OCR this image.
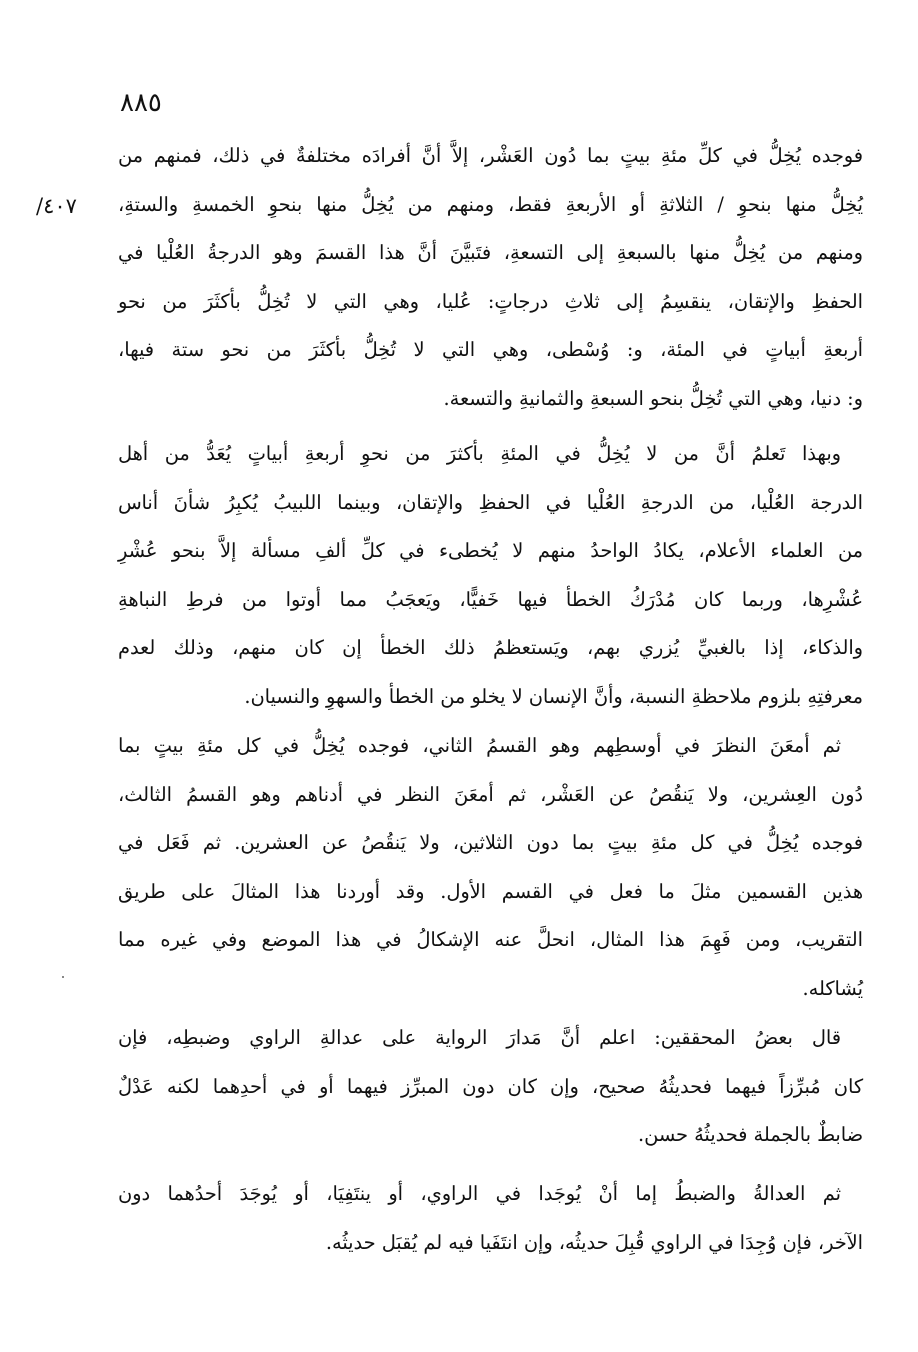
٨٨٥
٤٠٧/
فوجده يُخِلُّ في كلِّ مئةِ بيتٍ بما دُون العَشْر، إلاَّ أنَّ أفرادَه مختلفةٌ في ذلك، فمنهم من
يُخِلُّ منها بنحوِ / الثلاثةِ أو الأربعةِ فقط، ومنهم من يُخِلُّ منها بنحوِ الخمسةِ والستةِ،
ومنهم من يُخِلُّ منها بالسبعةِ إلى التسعةِ، فتَبيَّنَ أنَّ هذا القسمَ وهو الدرجةُ العُلْيا في
الحفظِ والإتقان، ينقسِمُ إلى ثلاثِ درجاتٍ: عُليا، وهي التي لا تُخِلُّ بأكثَرَ من نحو
أربعةِ أبياتٍ في المئة، و: وُسْطى، وهي التي لا تُخِلُّ بأكثَرَ من نحو ستة فيها،
و: دنيا، وهي التي تُخِلُّ بنحو السبعةِ والثمانيةِ والتسعة.
وبهذا تَعلمُ أنَّ من لا يُخِلُّ في المئةِ بأكثرَ من نحوِ أربعةِ أبياتٍ يُعَدُّ من أهل
الدرجة العُلْيا، من الدرجةِ العُلْيا في الحفظِ والإتقان، وبينما اللبيبُ يُكبِرُ شأنَ أناس
من العلماء الأعلام، يكادُ الواحدُ منهم لا يُخطىء في كلِّ ألفِ مسألة إلاَّ بنحو عُشْرِ
عُشْرِها، وربما كان مُدْرَكُ الخطأ فيها خَفيًّا، ويَعجَبُ مما أوتوا من فرطِ النباهةِ
والذكاء، إذا بالغبيِّ يُزري بهم، ويَستعظمُ ذلك الخطأ إن كان منهم، وذلك لعدم
معرفتِهِ بلزوم ملاحظةِ النسبة، وأنَّ الإنسان لا يخلو من الخطأ والسهوِ والنسيان.
ثم أمعَنَ النظرَ في أوسطِهم وهو القسمُ الثاني، فوجده يُخِلُّ في كل مئةِ بيتٍ بما
دُون العِشرين، ولا يَنقُصُ عن العَشْر، ثم أمعَنَ النظر في أدناهم وهو القسمُ الثالث،
فوجده يُخِلُّ في كل مئةِ بيتٍ بما دون الثلاثين، ولا يَنقُصُ عن العشرين. ثم فَعَل في
هذين القسمين مثلَ ما فعل في القسم الأول. وقد أوردنا هذا المثالَ على طريق
التقريب، ومن فَهِمَ هذا المثال، انحلَّ عنه الإشكالُ في هذا الموضع وفي غيره مما
يُشاكله.
قال بعضُ المحققين: اعلم أنَّ مَدارَ الرواية على عدالةِ الراوي وضبطِه، فإن
كان مُبرِّزاً فيهما فحديثُهُ صحيح، وإن كان دون المبرِّز فيهما أو في أحدِهما لكنه عَدْلٌ
ضابطٌ بالجملة فحديثُهُ حسن.
ثم العدالةُ والضبطُ إما أنْ يُوجَدا في الراوي، أو ينتَفِيَا، أو يُوجَدَ أحدُهما دون
الآخر، فإن وُجِدَا في الراوي قُبِلَ حديثُه، وإن انتَفَيا فيه لم يُقبَل حديثُه.
